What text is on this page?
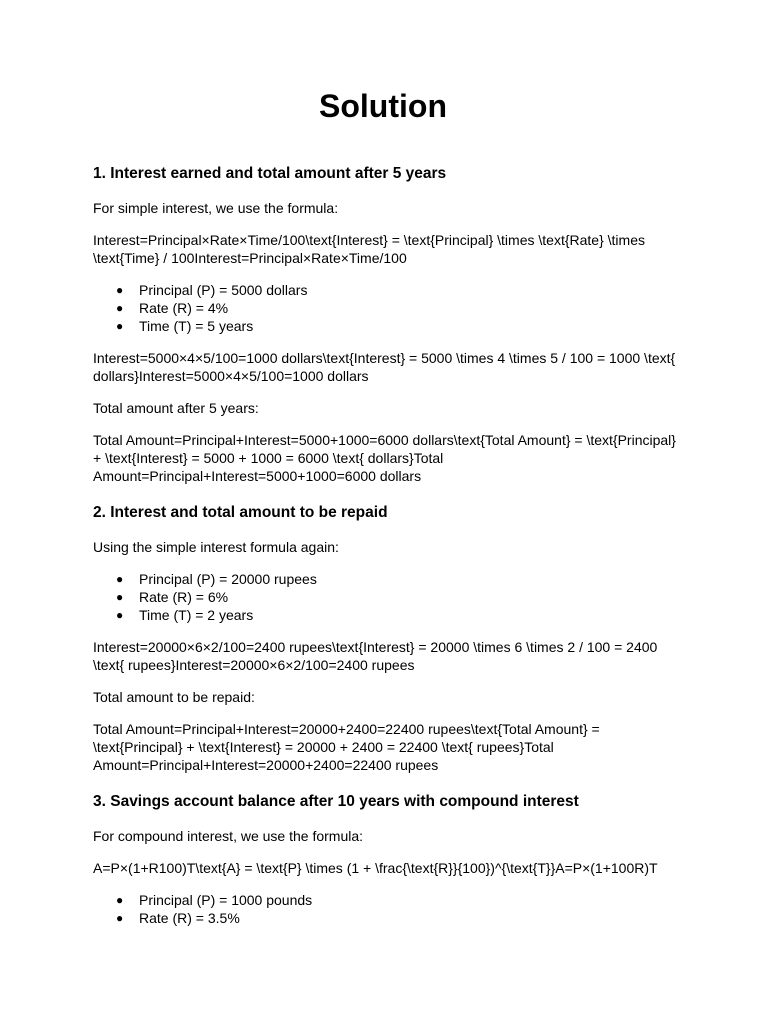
Solution
1. Interest earned and total amount after 5 years

For simple interest, we use the formula:

Interest=Principal×Rate×Time/100\text{Interest} = \text{Principal} \times \text{Rate} \times \text{Time} / 100Interest=Principal×Rate×Time/100

● Principal (P) = 5000 dollars
● Rate (R) = 4%
● Time (T) = 5 years

Interest=5000×4×5/100=1000 dollars\text{Interest} = 5000 \times 4 \times 5 / 100 = 1000 \text{ dollars}Interest=5000×4×5/100=1000 dollars

Total amount after 5 years:

Total Amount=Principal+Interest=5000+1000=6000 dollars\text{Total Amount} = \text{Principal} + \text{Interest} = 5000 + 1000 = 6000 \text{ dollars}Total Amount=Principal+Interest=5000+1000=6000 dollars

2. Interest and total amount to be repaid

Using the simple interest formula again:

● Principal (P) = 20000 rupees
● Rate (R) = 6%
● Time (T) = 2 years

Interest=20000×6×2/100=2400 rupees\text{Interest} = 20000 \times 6 \times 2 / 100 = 2400 \text{ rupees}Interest=20000×6×2/100=2400 rupees

Total amount to be repaid:

Total Amount=Principal+Interest=20000+2400=22400 rupees\text{Total Amount} = \text{Principal} + \text{Interest} = 20000 + 2400 = 22400 \text{ rupees}Total Amount=Principal+Interest=20000+2400=22400 rupees

3. Savings account balance after 10 years with compound interest

For compound interest, we use the formula:

A=P×(1+R100)T\text{A} = \text{P} \times (1 + \frac{\text{R}}{100})^{\text{T}}A=P×(1+100R)T

● Principal (P) = 1000 pounds
● Rate (R) = 3.5%
